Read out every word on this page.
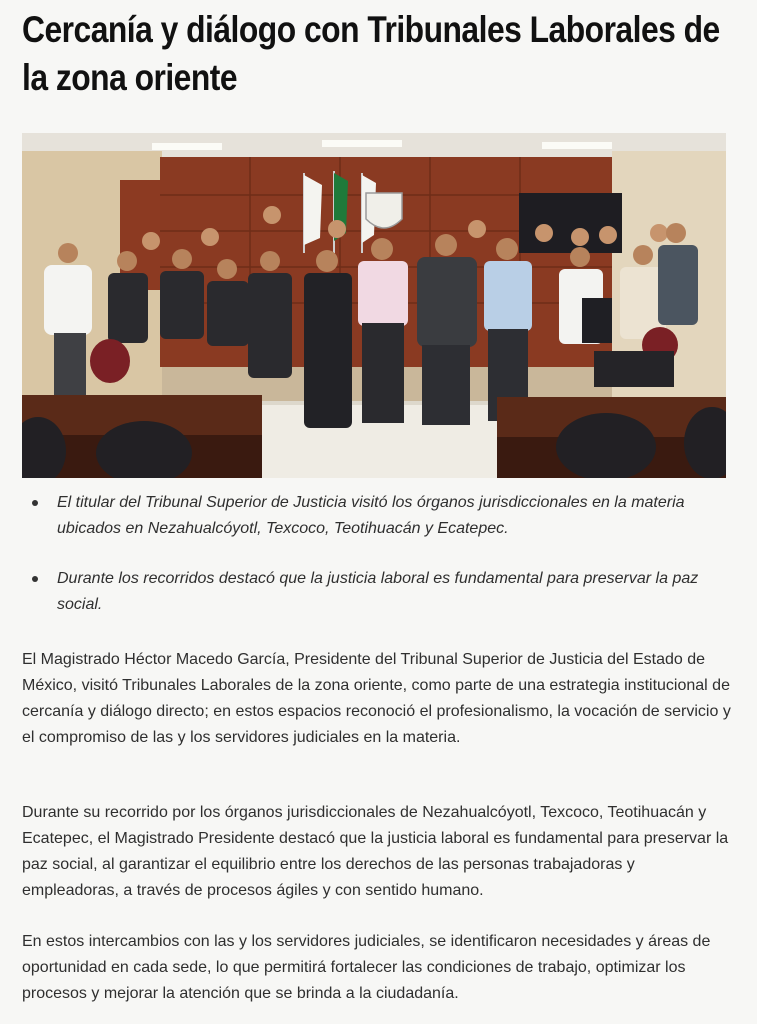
Cercanía y diálogo con Tribunales Laborales de la zona oriente
El titular del Tribunal Superior de Justicia visitó los órganos jurisdiccionales en la materia ubicados en Nezahualcóyotl, Texcoco, Teotihuacán y Ecatepec.
Durante los recorridos destacó que la justicia laboral es fundamental para preservar la paz social.

El Magistrado Héctor Macedo García, Presidente del Tribunal Superior de Justicia del Estado de México, visitó Tribunales Laborales de la zona oriente, como parte de una estrategia institucional de cercanía y diálogo directo; en estos espacios reconoció el profesionalismo, la vocación de servicio y el compromiso de las y los servidores judiciales en la materia.

Durante su recorrido por los órganos jurisdiccionales de Nezahualcóyotl, Texcoco, Teotihuacán y Ecatepec, el Magistrado Presidente destacó que la justicia laboral es fundamental para preservar la paz social, al garantizar el equilibrio entre los derechos de las personas trabajadoras y empleadoras, a través de procesos ágiles y con sentido humano.

En estos intercambios con las y los servidores judiciales, se identificaron necesidades y áreas de oportunidad en cada sede, lo que permitirá fortalecer las condiciones de trabajo, optimizar los procesos y mejorar la atención que se brinda a la ciudadanía.
